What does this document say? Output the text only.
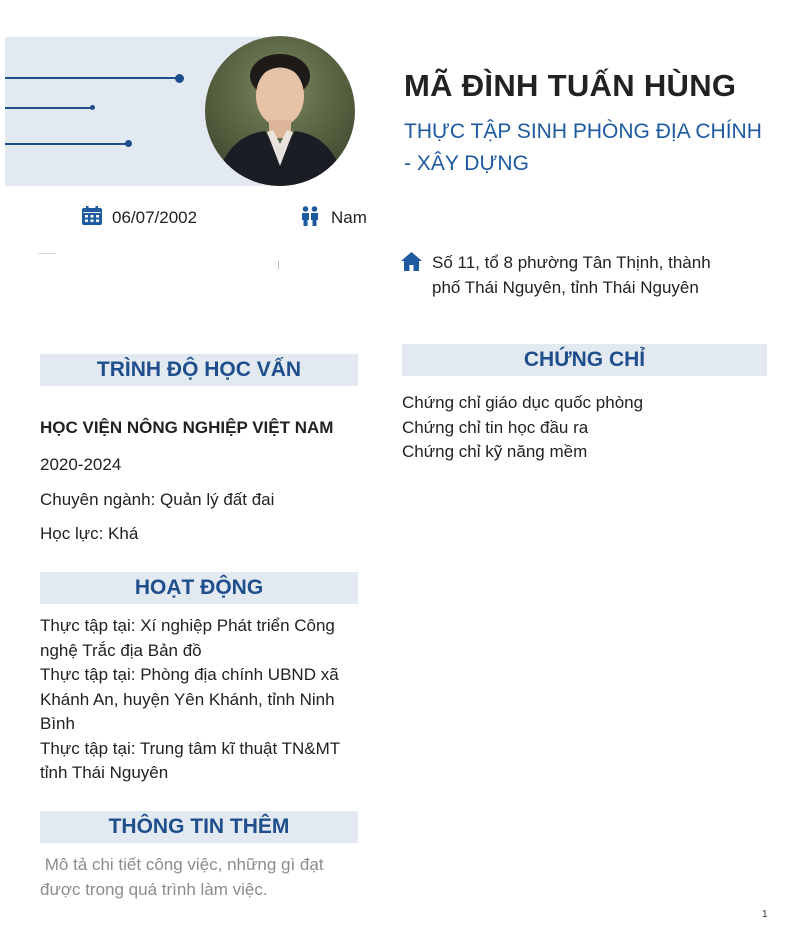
MÃ ĐÌNH TUẤN HÙNG
THỰC TẬP SINH PHÒNG ĐỊA CHÍNH - XÂY DỰNG
06/07/2002	Nam
Số 11, tổ 8 phường Tân Thịnh, thành phố Thái Nguyên, tỉnh Thái Nguyên
TRÌNH ĐỘ HỌC VẤN
HỌC VIỆN NÔNG NGHIỆP VIỆT NAM
2020-2024
Chuyên ngành: Quản lý đất đai
Học lực: Khá
HOẠT ĐỘNG
Thực tập tại: Xí nghiệp Phát triển Công nghệ Trắc địa Bản đồ
Thực tập tại: Phòng địa chính UBND xã Khánh An, huyện Yên Khánh, tỉnh Ninh Bình
Thực tập tại: Trung tâm kĩ thuật TN&MT tỉnh Thái Nguyên
THÔNG TIN THÊM
Mô tả chi tiết công việc, những gì đạt được trong quá trình làm việc.
CHỨNG CHỈ
Chứng chỉ giáo dục quốc phòng
Chứng chỉ tin học đầu ra
Chứng chỉ kỹ năng mềm
1
